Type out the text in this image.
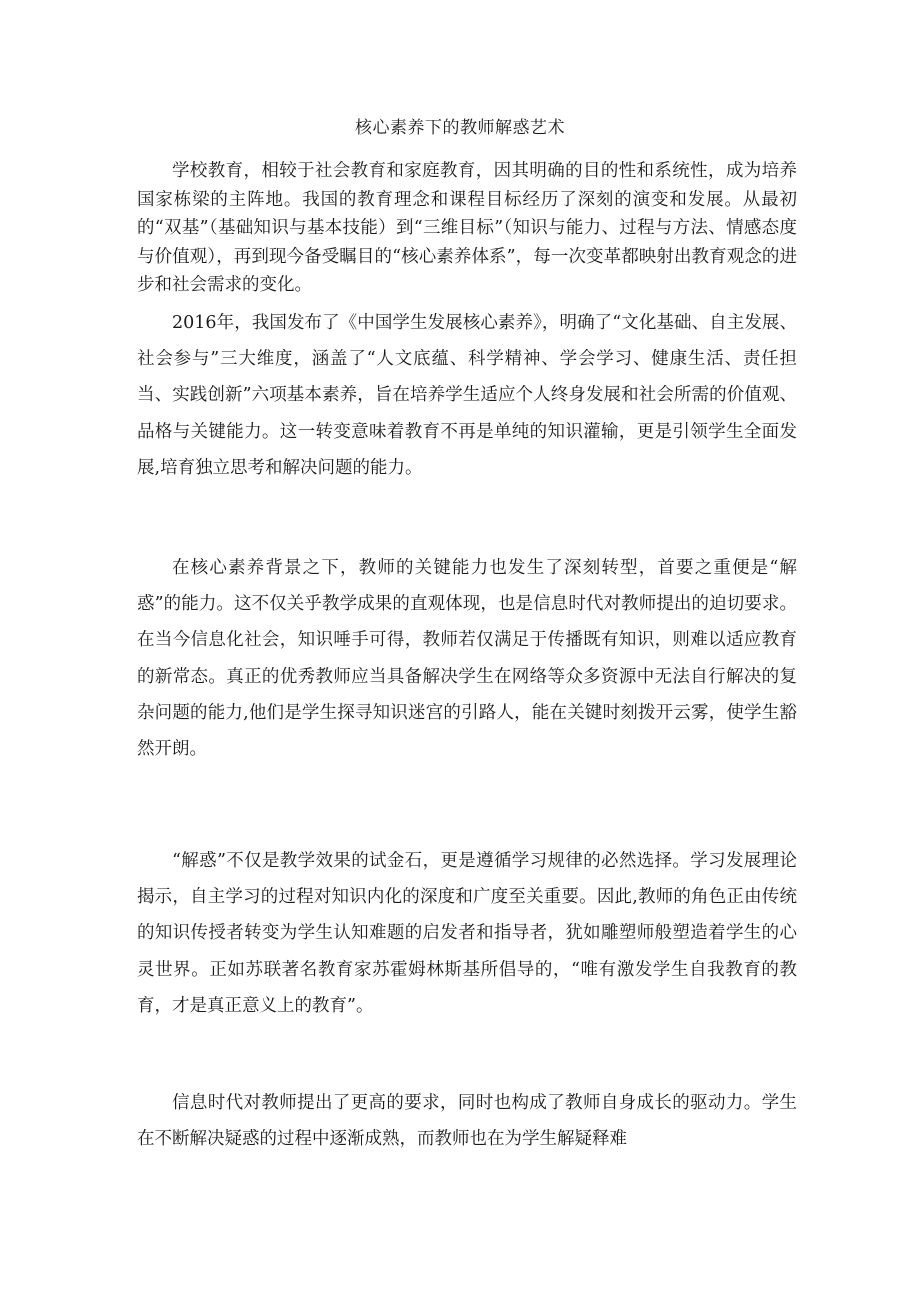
核心素养下的教师解惑艺术

学校教育，相较于社会教育和家庭教育，因其明确的目的性和系统性，成为培养国家栋梁的主阵地。我国的教育理念和课程目标经历了深刻的演变和发展。从最初的“双基”（基础知识与基本技能）到“三维目标”（知识与能力、过程与方法、情感态度与价值观），再到现今备受瞩目的“核心素养体系”，每一次变革都映射出教育观念的进步和社会需求的变化。

2016年，我国发布了《中国学生发展核心素养》，明确了“文化基础、自主发展、社会参与”三大维度，涵盖了“人文底蕴、科学精神、学会学习、健康生活、责任担当、实践创新”六项基本素养，旨在培养学生适应个人终身发展和社会所需的价值观、品格与关键能力。这一转变意味着教育不再是单纯的知识灌输，更是引领学生全面发展,培育独立思考和解决问题的能力。

在核心素养背景之下，教师的关键能力也发生了深刻转型，首要之重便是“解惑”的能力。这不仅关乎教学成果的直观体现，也是信息时代对教师提出的迫切要求。在当今信息化社会，知识唾手可得，教师若仅满足于传播既有知识，则难以适应教育的新常态。真正的优秀教师应当具备解决学生在网络等众多资源中无法自行解决的复杂问题的能力,他们是学生探寻知识迷宫的引路人，能在关键时刻拨开云雾，使学生豁然开朗。

“解惑”不仅是教学效果的试金石，更是遵循学习规律的必然选择。学习发展理论揭示，自主学习的过程对知识内化的深度和广度至关重要。因此,教师的角色正由传统的知识传授者转变为学生认知难题的启发者和指导者，犹如雕塑师般塑造着学生的心灵世界。正如苏联著名教育家苏霍姆林斯基所倡导的，“唯有激发学生自我教育的教育，才是真正意义上的教育”。

信息时代对教师提出了更高的要求，同时也构成了教师自身成长的驱动力。学生在不断解决疑惑的过程中逐渐成熟，而教师也在为学生解疑释难
